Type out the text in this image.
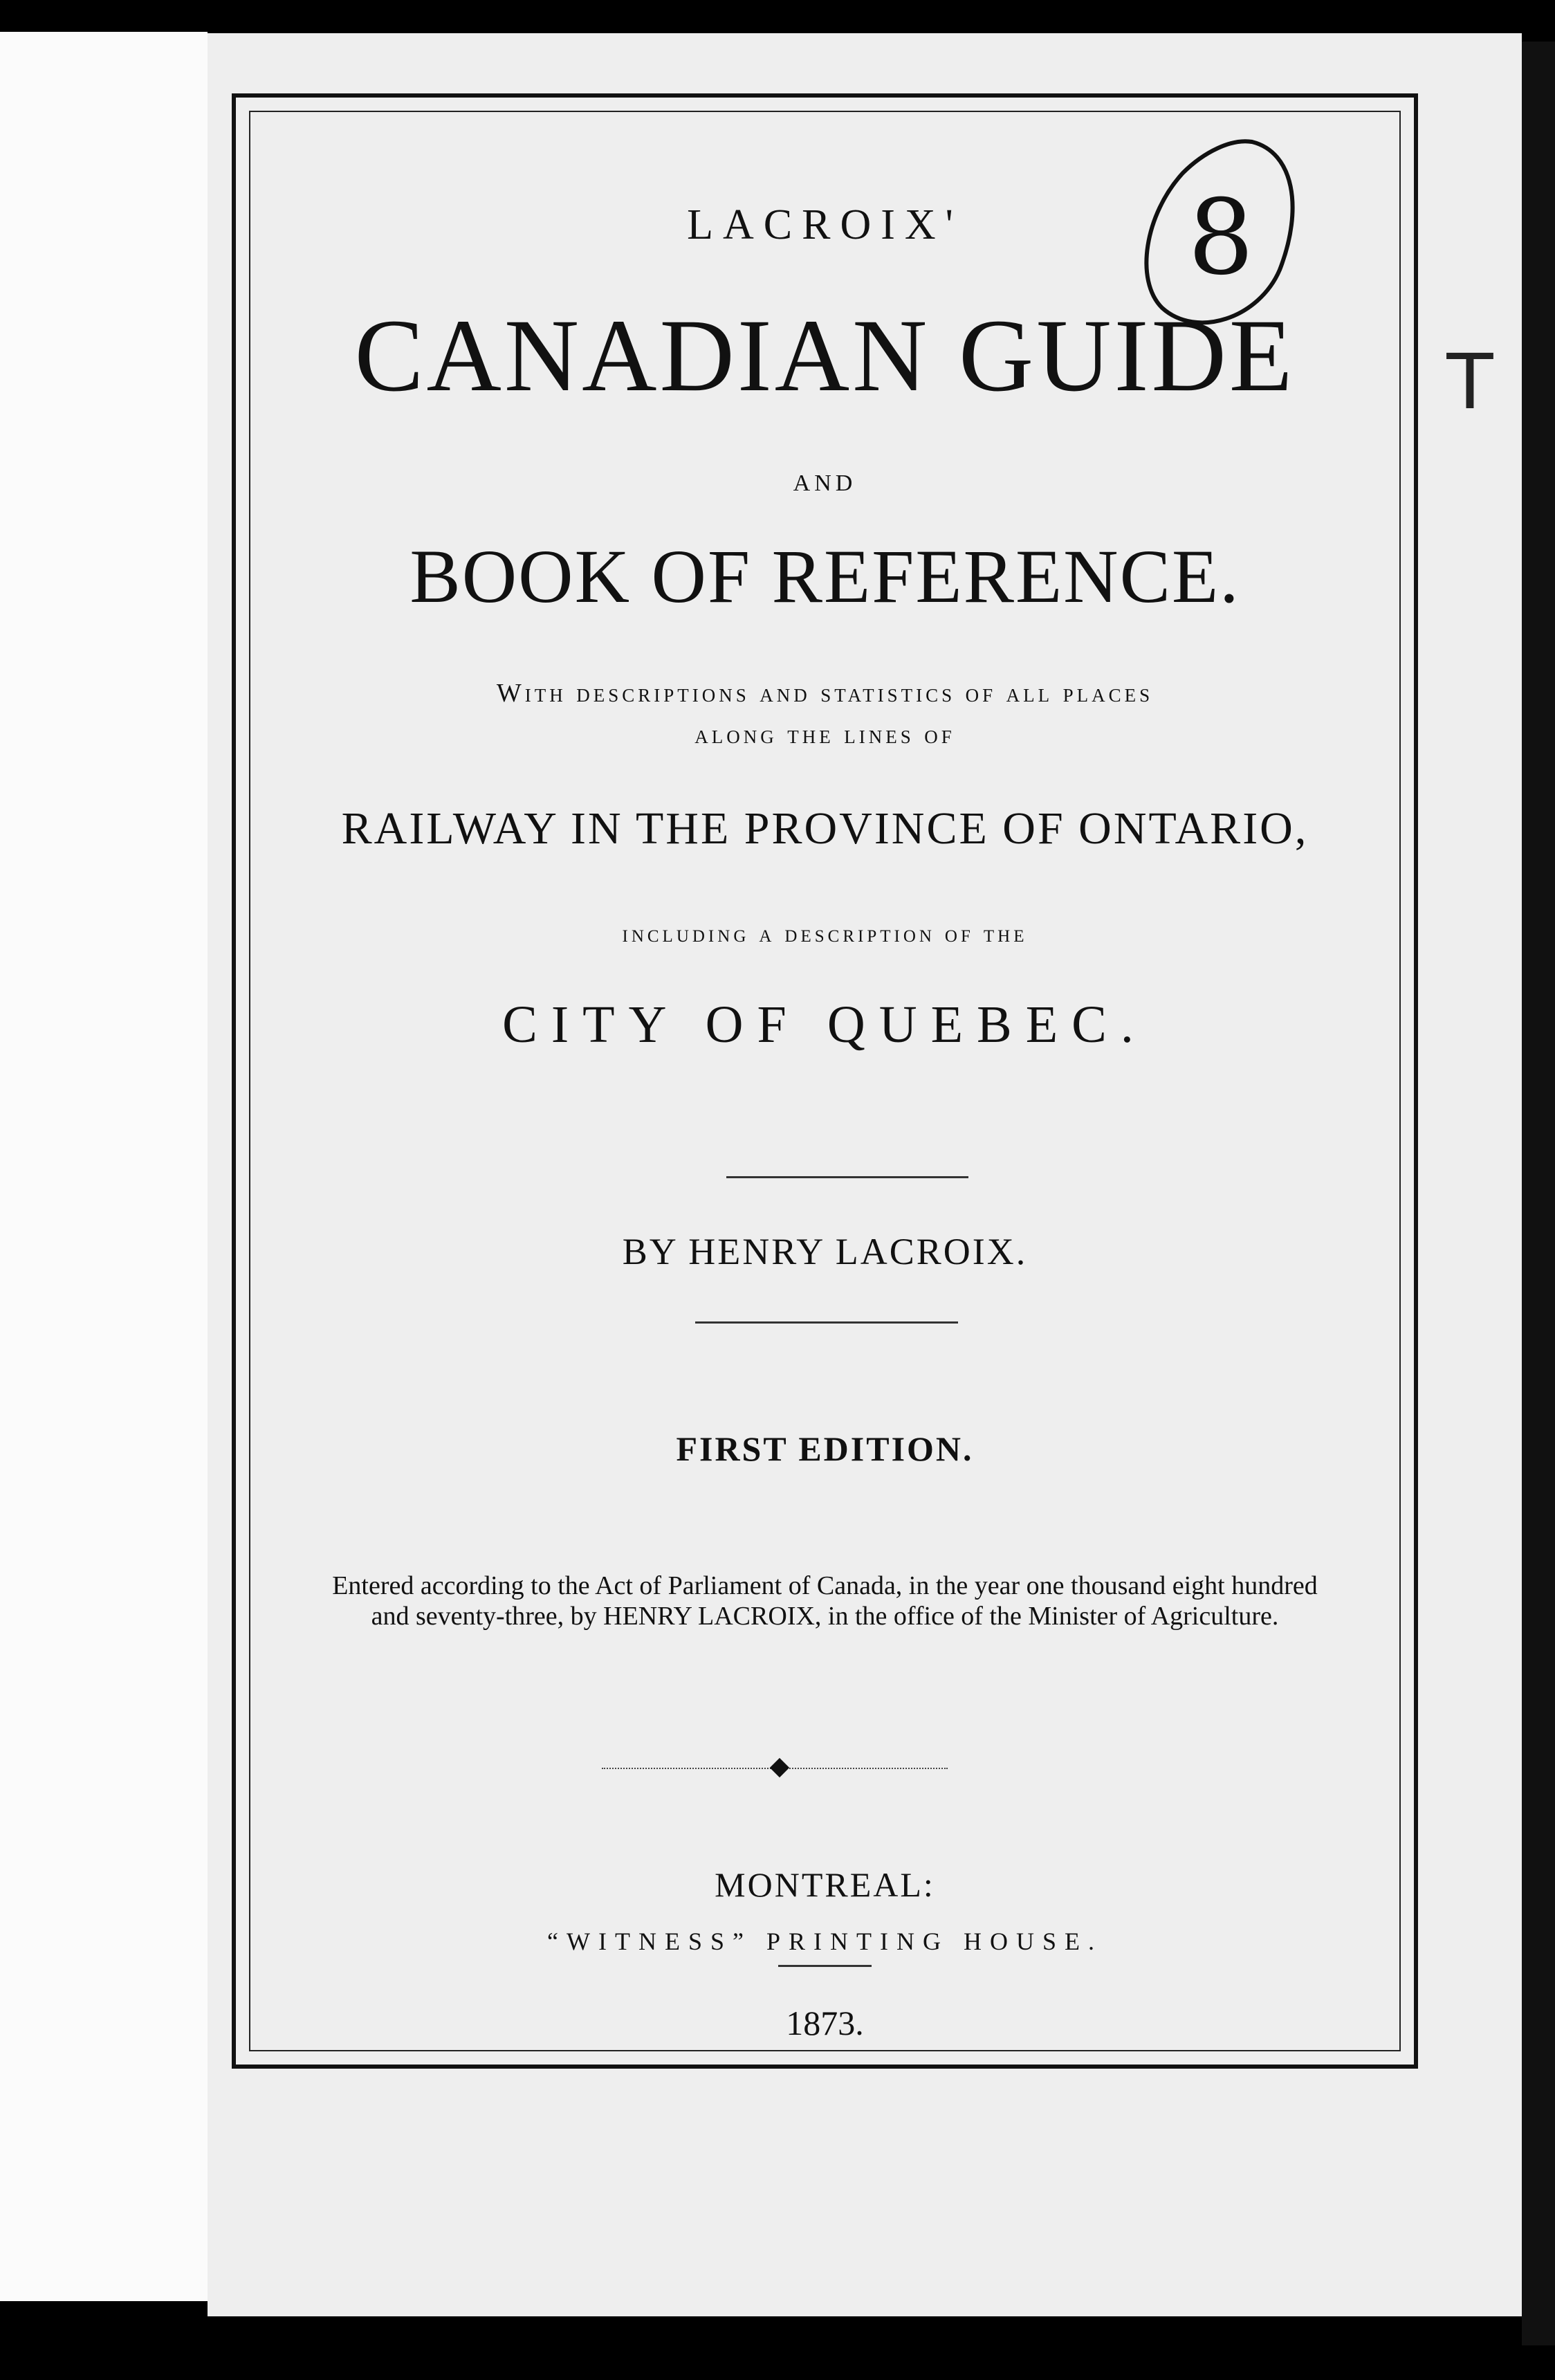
LACROIX'
CANADIAN GUIDE
AND
BOOK OF REFERENCE.
With descriptions and statistics of all places
along the lines of
RAILWAY IN THE PROVINCE OF ONTARIO,
including a description of the
CITY OF QUEBEC.
BY HENRY LACROIX.
FIRST EDITION.
Entered according to the Act of Parliament of Canada, in the year one thousand eight hundred and seventy-three, by HENRY LACROIX, in the office of the Minister of Agriculture.
MONTREAL:
“WITNESS” PRINTING HOUSE.
1873.
8
T
